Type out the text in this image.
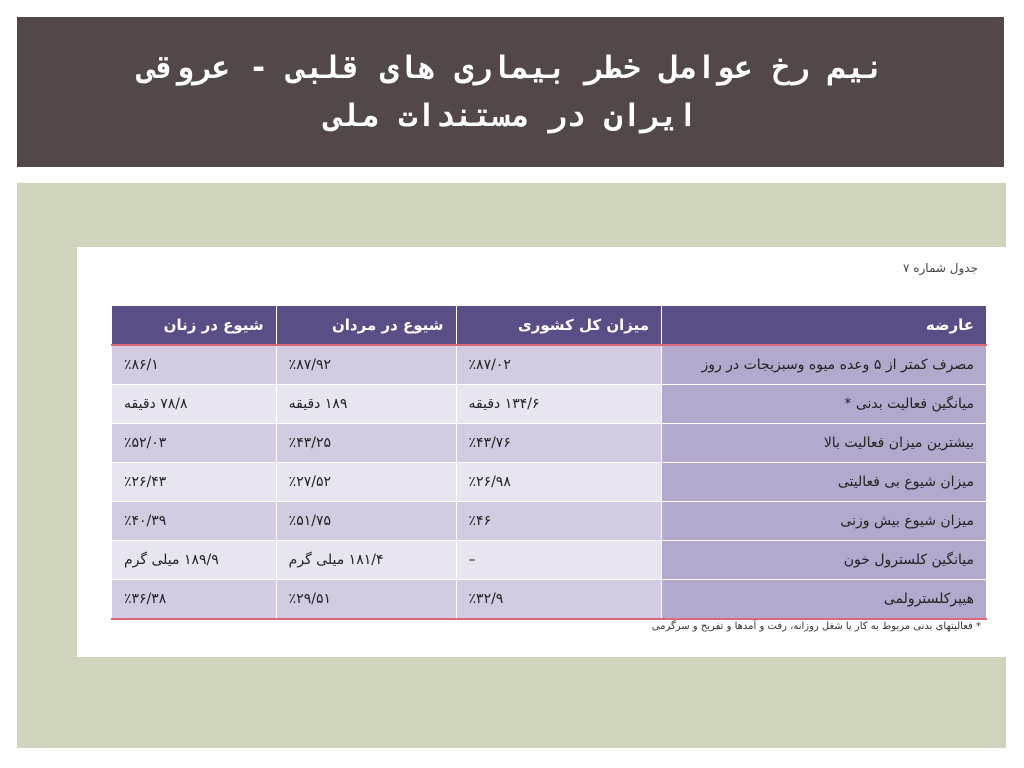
نیم رخ عوامل خطر بیماری های قلبی - عروقی
ایران در مستندات ملی
جدول شماره ۷
عارضه	میزان کل کشوری	شیوع در مردان	شیوع در زنان
مصرف کمتر از ۵ وعده میوه وسبزیجات در روز	٪۸۷/۰۲	٪۸۷/۹۲	٪۸۶/۱
میانگین فعالیت بدنی *	۱۳۴/۶ دقیقه	۱۸۹ دقیقه	۷۸/۸ دقیقه
بیشترین میزان فعالیت بالا	٪۴۳/۷۶	٪۴۳/۲۵	٪۵۲/۰۳
میزان شیوع بی فعالیتی	٪۲۶/۹۸	٪۲۷/۵۲	٪۲۶/۴۳
میزان شیوع بیش وزنی	٪۴۶	٪۵۱/۷۵	٪۴۰/۳۹
میانگین کلسترول خون	–	۱۸۱/۴ میلی گرم	۱۸۹/۹ میلی گرم
هیپرکلسترولمی	٪۳۲/۹	٪۲۹/۵۱	٪۳۶/۳۸
* فعالیتهای بدنی مربوط به کار یا شغل روزانه، رفت و آمدها و تفریح و سرگرمی
